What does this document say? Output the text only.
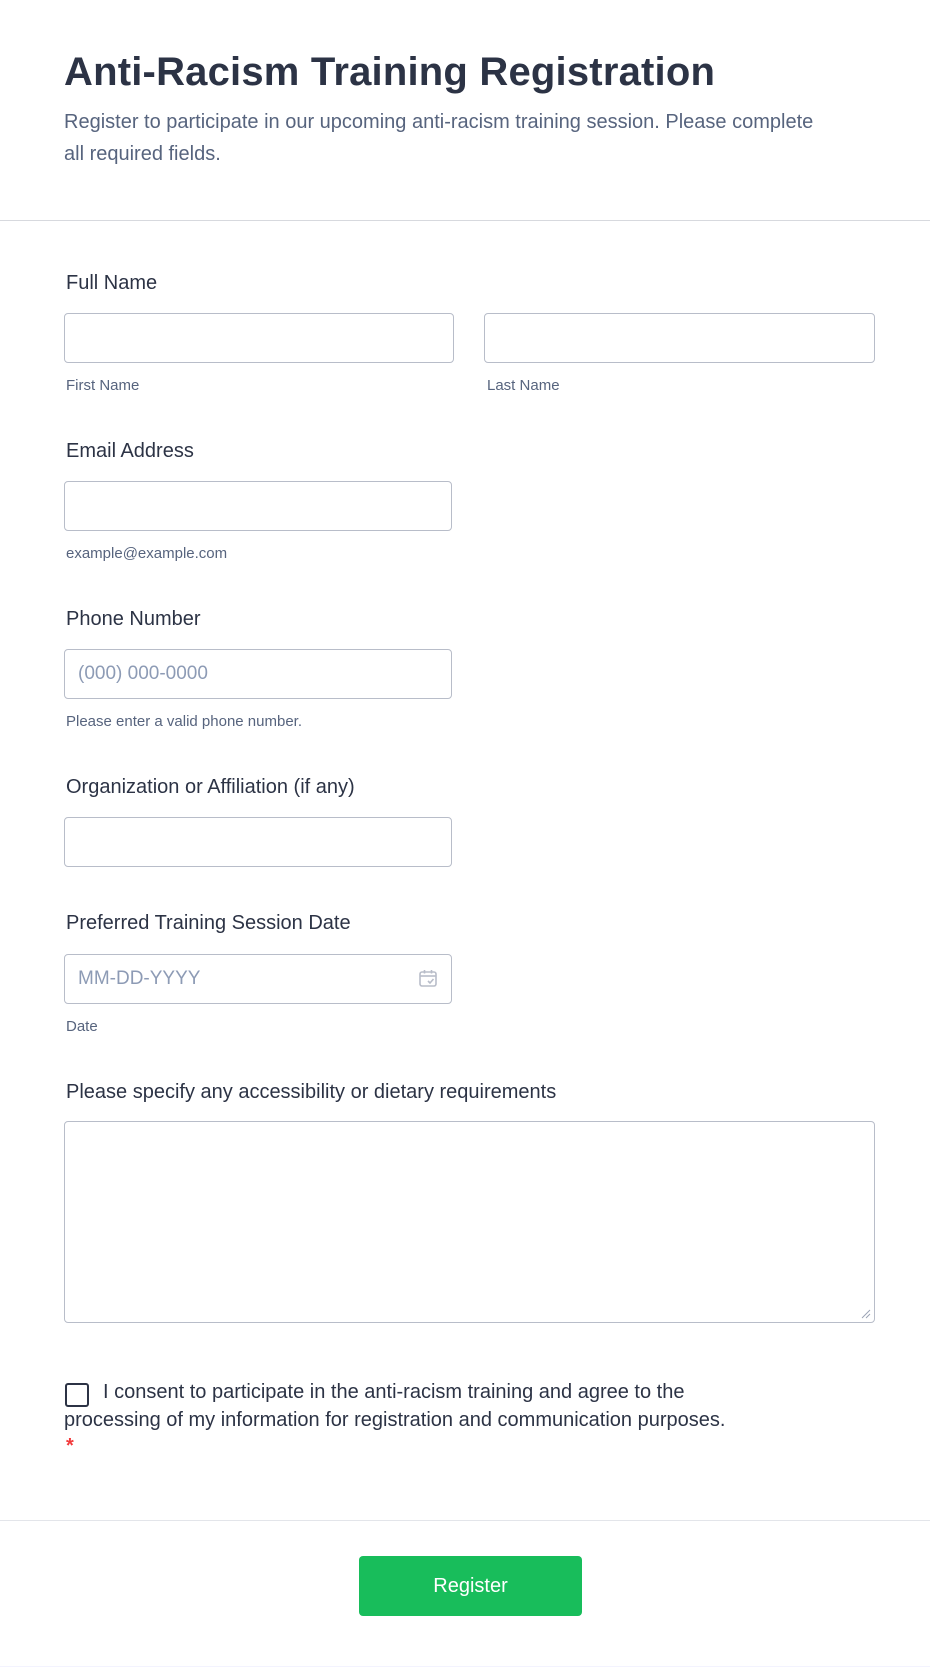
Anti-Racism Training Registration

Register to participate in our upcoming anti-racism training session. Please complete all required fields.

Full Name

First Name	Last Name

Email Address

example@example.com

Phone Number

(000) 000-0000

Please enter a valid phone number.

Organization or Affiliation (if any)

Preferred Training Session Date

MM-DD-YYYY

Date

Please specify any accessibility or dietary requirements

I consent to participate in the anti-racism training and agree to the processing of my information for registration and communication purposes.

*
Register
